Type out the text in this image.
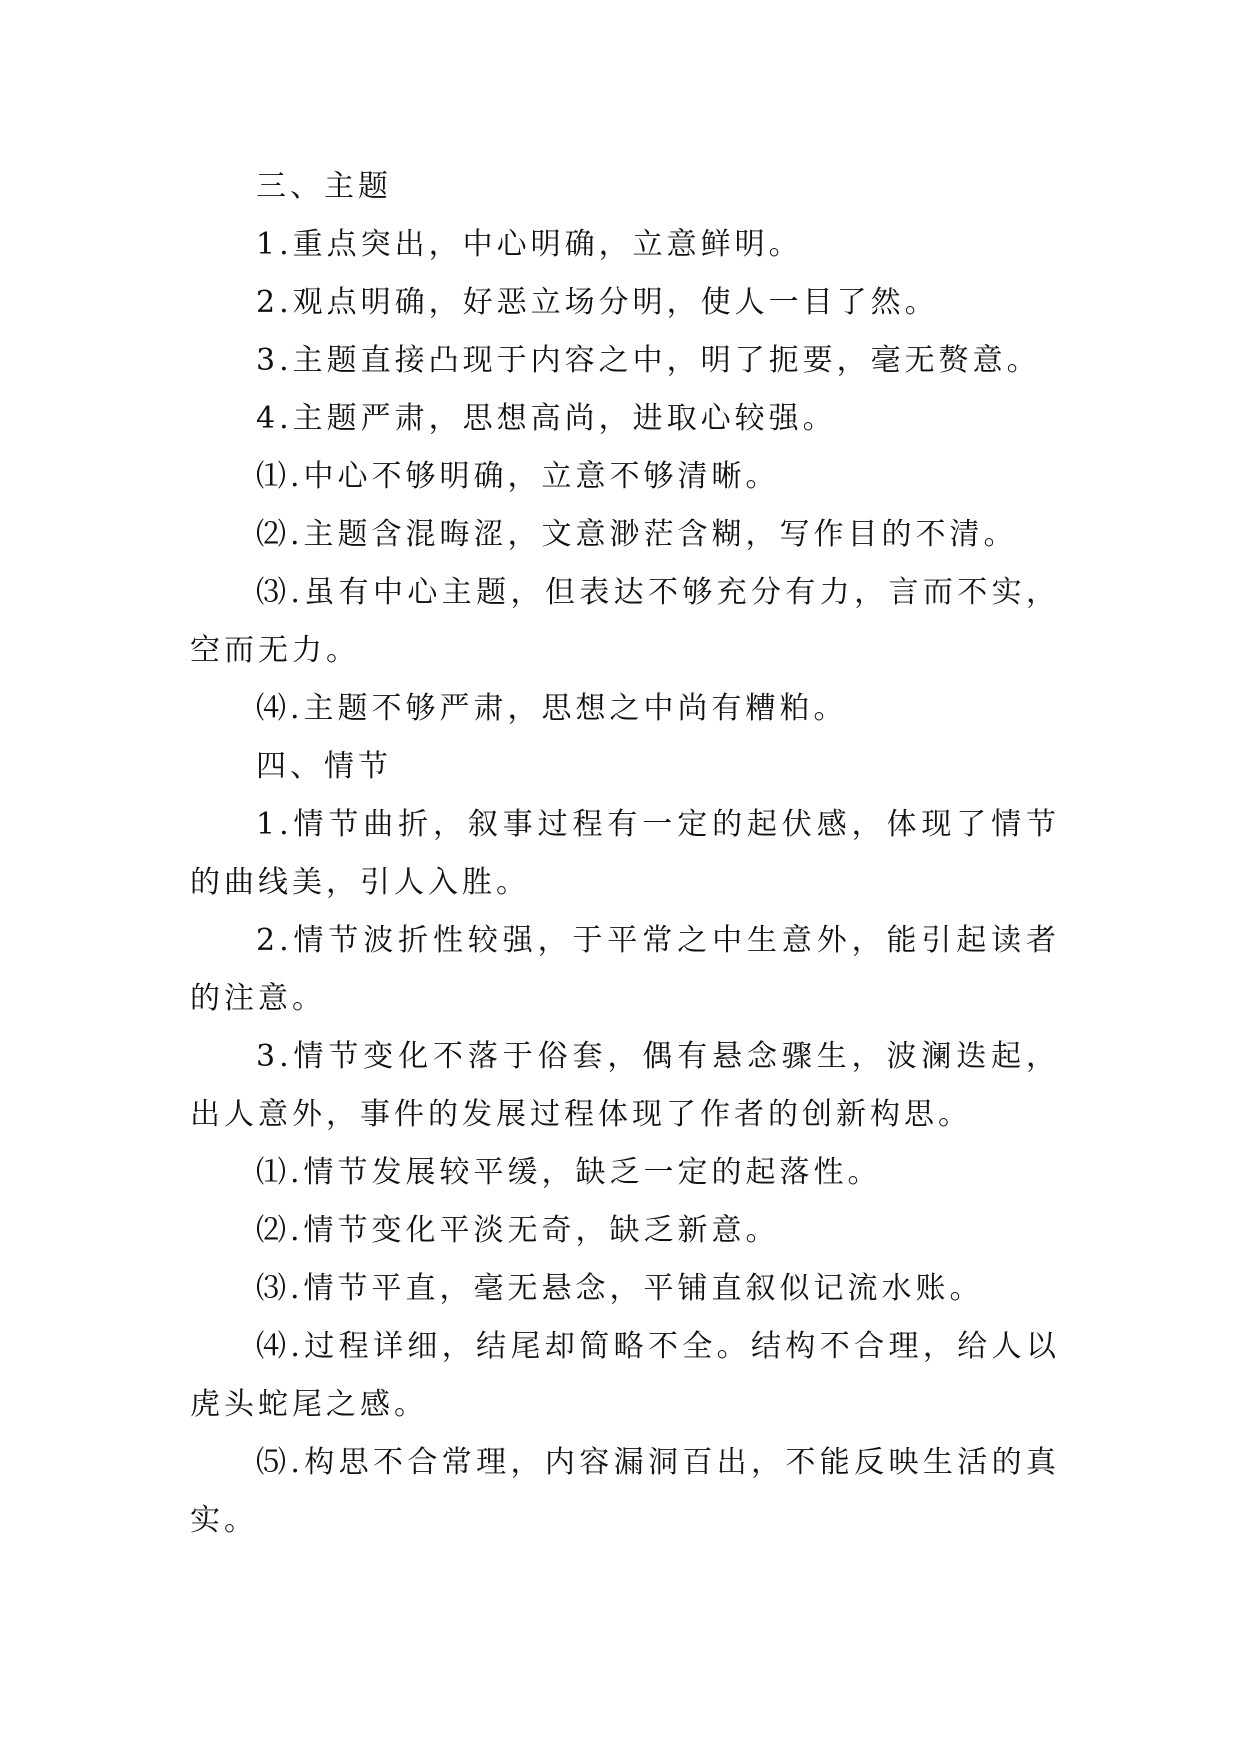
三、主题

1.重点突出，中心明确，立意鲜明。

2.观点明确，好恶立场分明，使人一目了然。

3.主题直接凸现于内容之中，明了扼要，毫无赘意。

4.主题严肃，思想高尚，进取心较强。

⑴.中心不够明确，立意不够清晰。

⑵.主题含混晦涩，文意渺茫含糊，写作目的不清。

⑶.虽有中心主题，但表达不够充分有力，言而不实，空而无力。

⑷.主题不够严肃，思想之中尚有糟粕。

四、情节

1.情节曲折，叙事过程有一定的起伏感，体现了情节的曲线美，引人入胜。

2.情节波折性较强，于平常之中生意外，能引起读者的注意。

3.情节变化不落于俗套，偶有悬念骤生，波澜迭起，出人意外，事件的发展过程体现了作者的创新构思。

⑴.情节发展较平缓，缺乏一定的起落性。

⑵.情节变化平淡无奇，缺乏新意。

⑶.情节平直，毫无悬念，平铺直叙似记流水账。

⑷.过程详细，结尾却简略不全。结构不合理，给人以虎头蛇尾之感。

⑸.构思不合常理，内容漏洞百出，不能反映生活的真实。
